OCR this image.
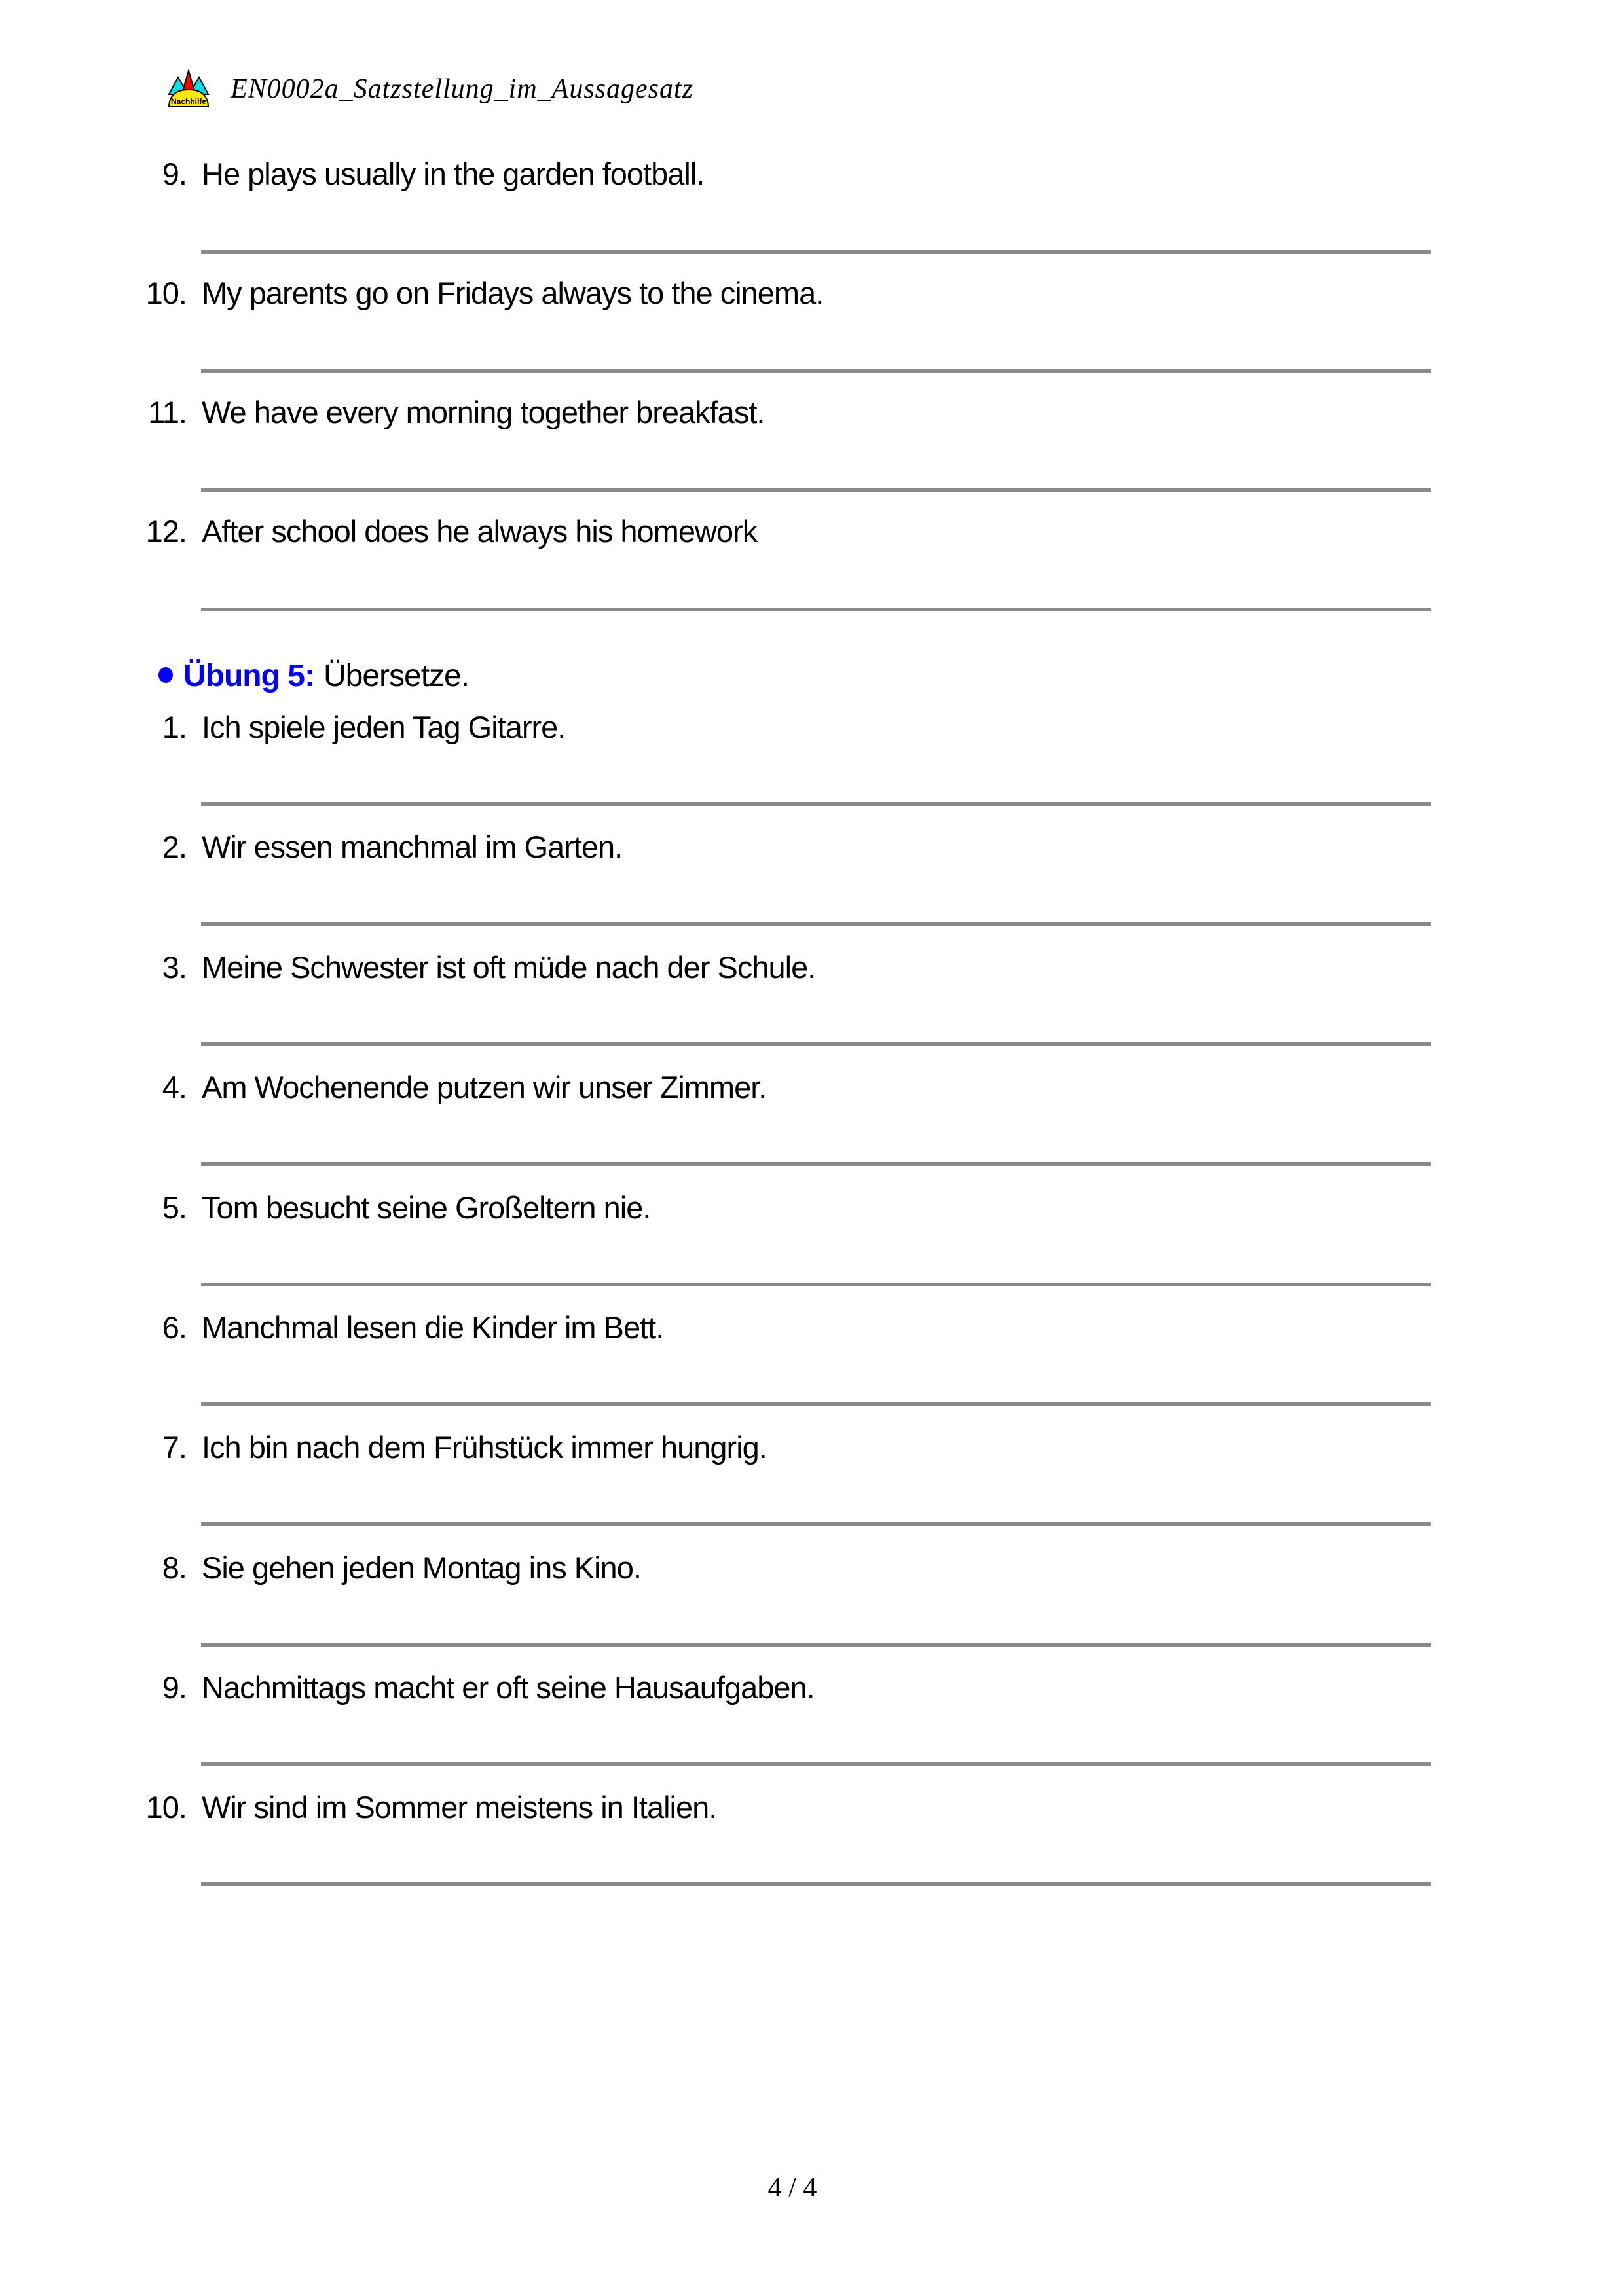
Nachhilfe EN0002a_Satzstellung_im_Aussagesatz
9. He plays usually in the garden football.
10. My parents go on Fridays always to the cinema.
11. We have every morning together breakfast.
12. After school does he always his homework
Übung 5: Übersetze.
1. Ich spiele jeden Tag Gitarre.
2. Wir essen manchmal im Garten.
3. Meine Schwester ist oft müde nach der Schule.
4. Am Wochenende putzen wir unser Zimmer.
5. Tom besucht seine Großeltern nie.
6. Manchmal lesen die Kinder im Bett.
7. Ich bin nach dem Frühstück immer hungrig.
8. Sie gehen jeden Montag ins Kino.
9. Nachmittags macht er oft seine Hausaufgaben.
10. Wir sind im Sommer meistens in Italien.
4 / 4
